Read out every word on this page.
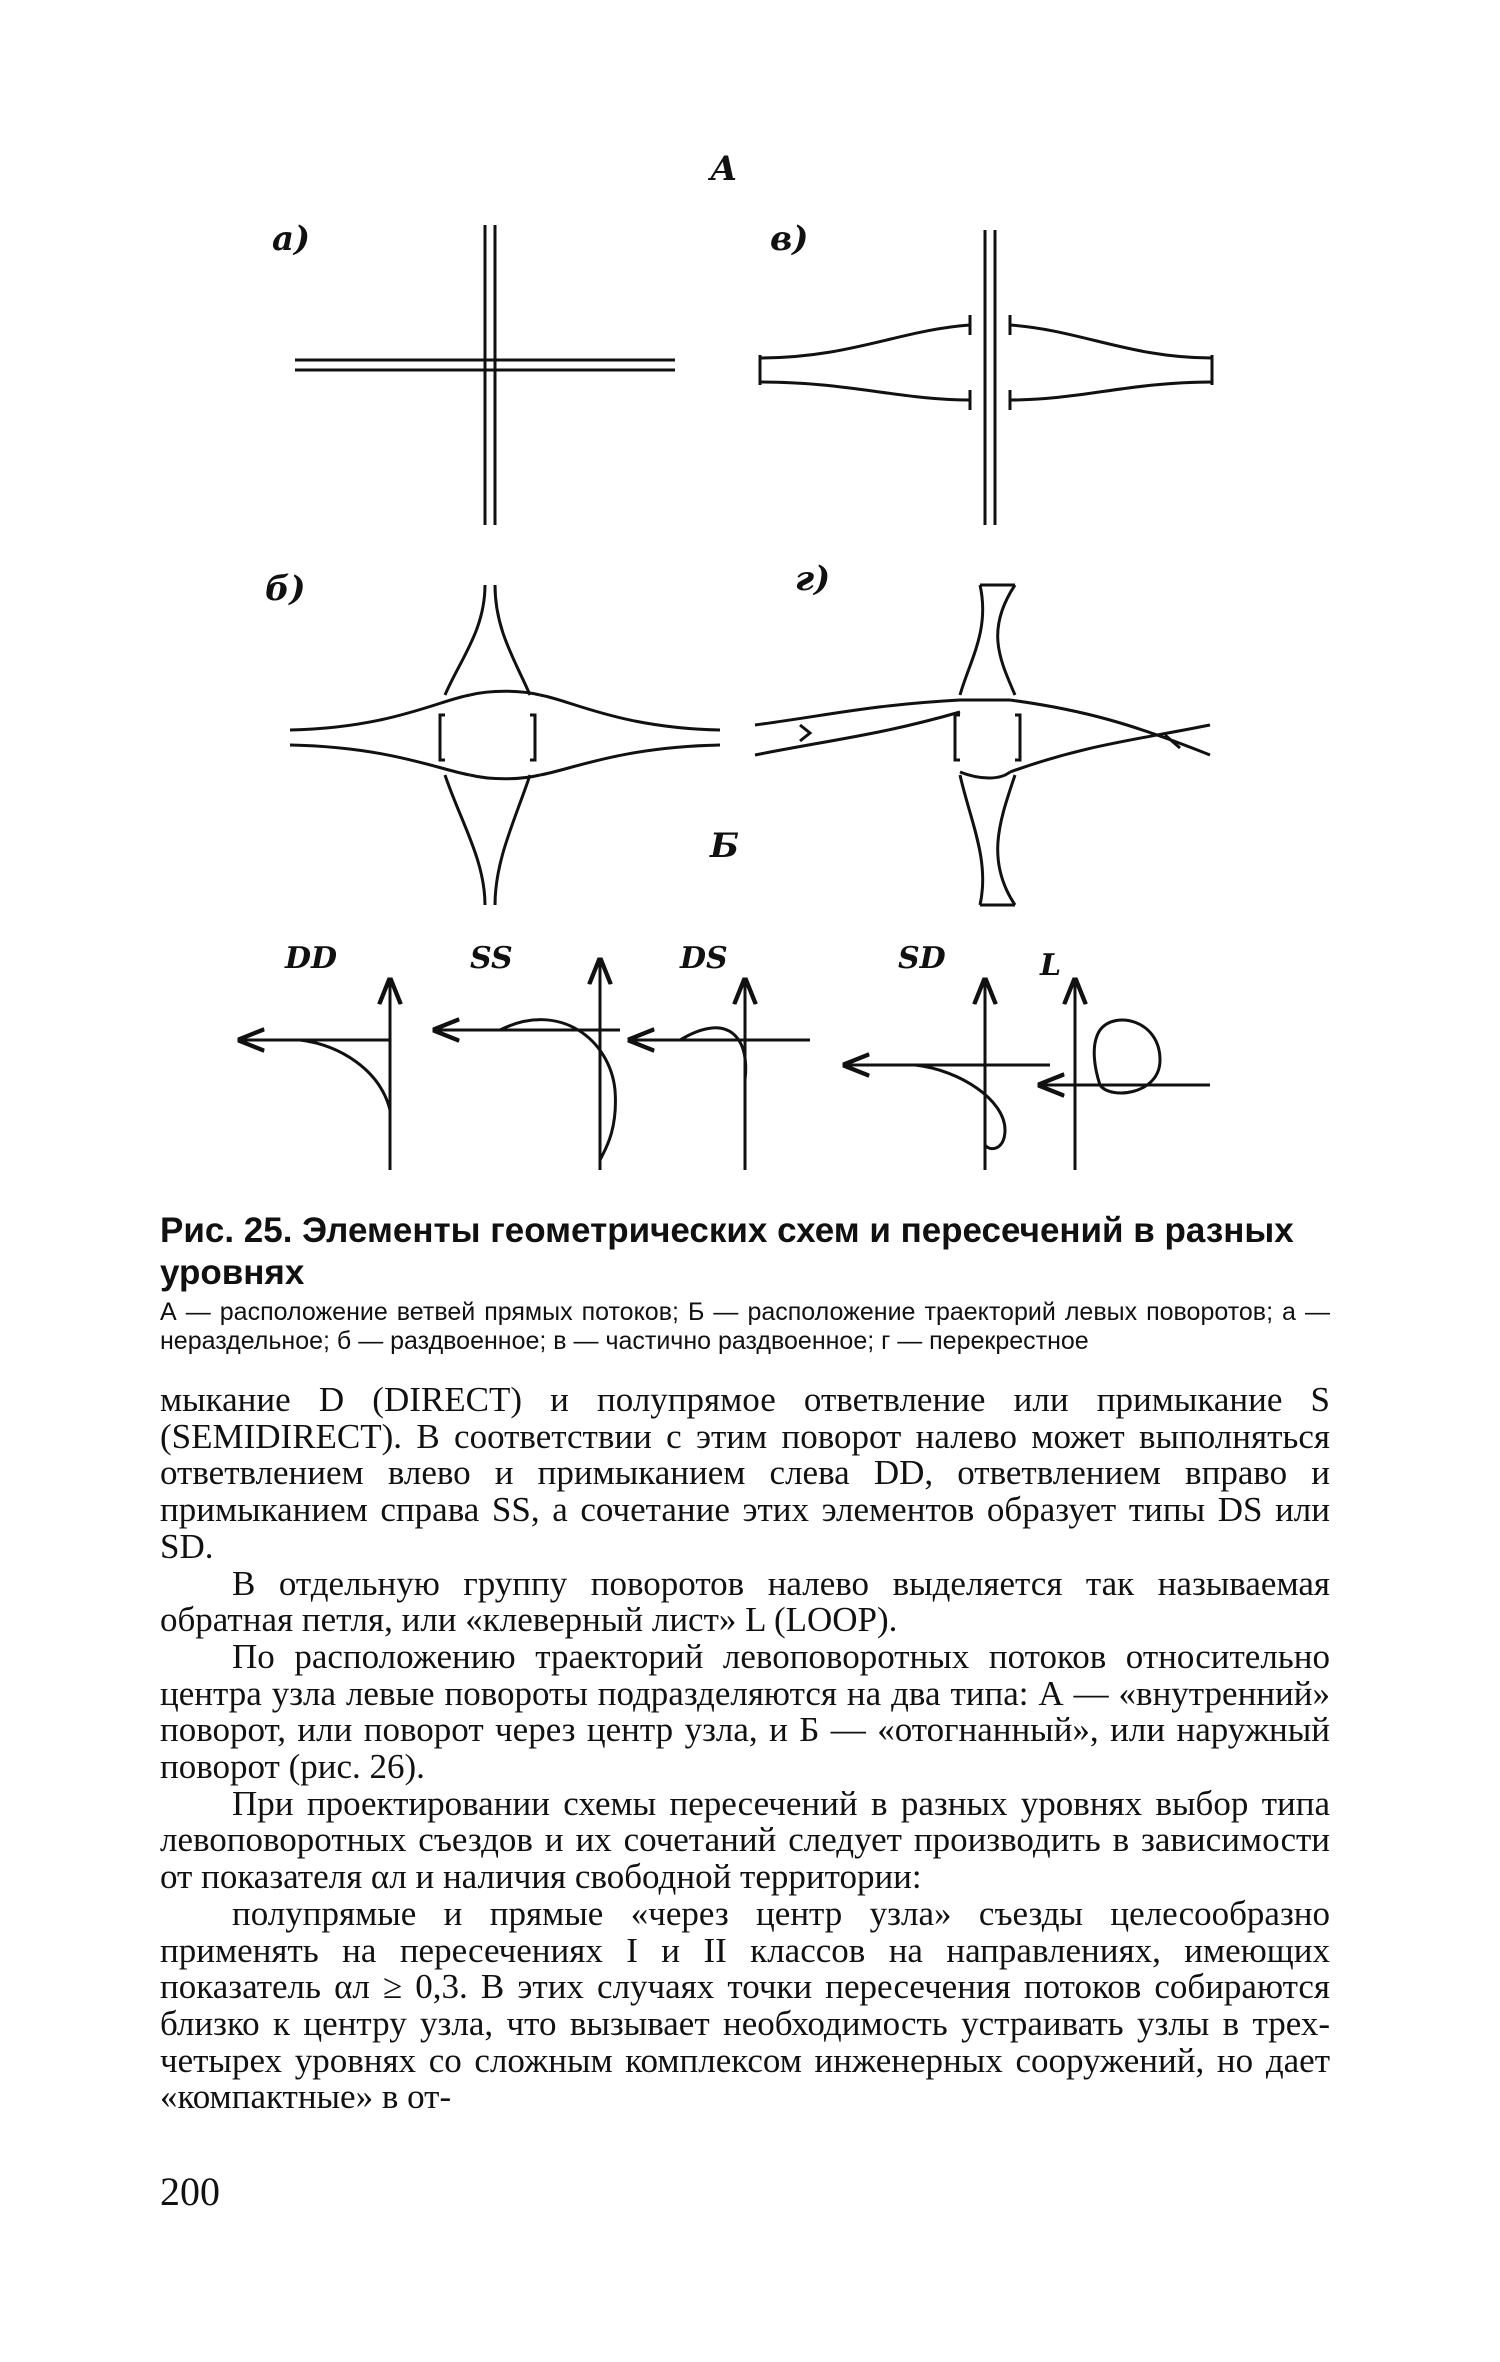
А
а)	в)
б)	г)
Б
DD	SS	DS	SD	L

Рис. 25. Элементы геометрических схем и пересечений в разных уровнях

А — расположение ветвей прямых потоков; Б — расположение траекторий левых поворотов; а — нераздельное; б — раздвоенное; в — частично раздвоенное; г — перекрестное

мыкание D (DIRECT) и полупрямое ответвление или примыкание S (SEMIDIRECT). В соответствии с этим поворот налево может выполняться ответвлением влево и примыканием слева DD, ответвлением вправо и примыканием справа SS, а сочетание этих элементов образует типы DS или SD.

В отдельную группу поворотов налево выделяется так называемая обратная петля, или «клеверный лист» L (LOOP).

По расположению траекторий левоповоротных потоков относительно центра узла левые повороты подразделяются на два типа: А — «внутренний» поворот, или поворот через центр узла, и Б — «отогнанный», или наружный поворот (рис. 26).

При проектировании схемы пересечений в разных уровнях выбор типа левоповоротных съездов и их сочетаний следует производить в зависимости от показателя αл и наличия свободной территории:

полупрямые и прямые «через центр узла» съезды целесообразно применять на пересечениях I и II классов на направлениях, имеющих показатель αл ≥ 0,3. В этих случаях точки пересечения потоков собираются близко к центру узла, что вызывает необходимость устраивать узлы в трех-четырех уровнях со сложным комплексом инженерных сооружений, но дает «компактные» в от-

200
